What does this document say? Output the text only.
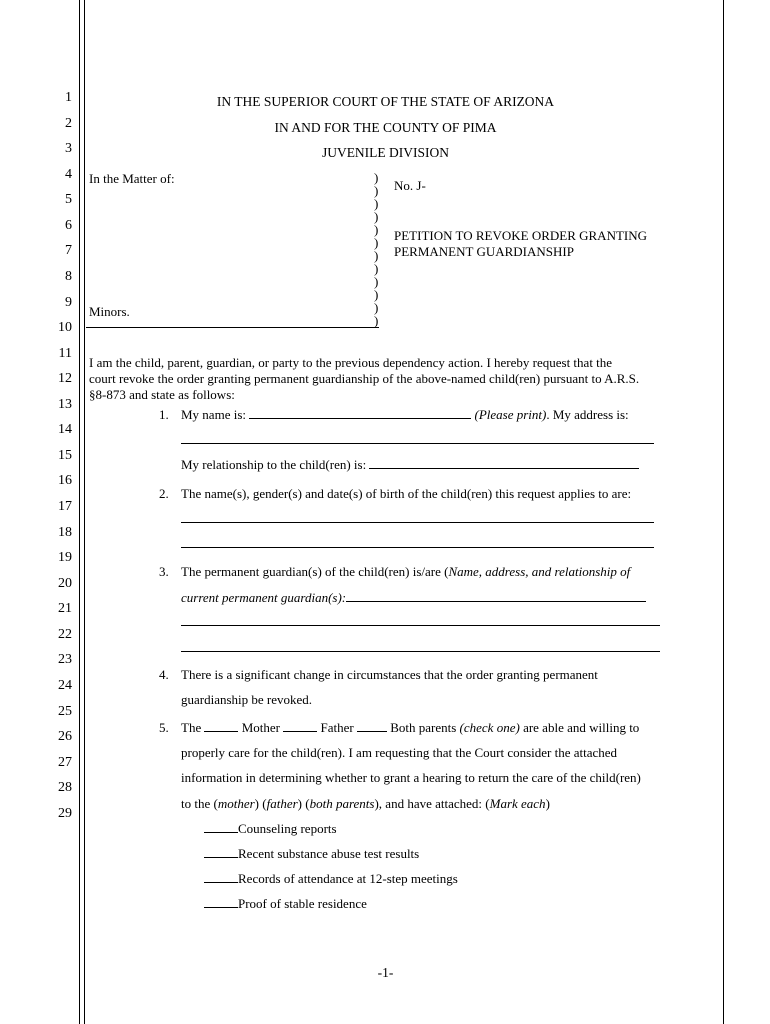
1
2
3
4
5
6
7
8
9
10
11
12
13
14
15
16
17
18
19
20
21
22
23
24
25
26
27
28
29
IN THE SUPERIOR COURT OF THE STATE OF ARIZONA
IN AND FOR THE COUNTY OF PIMA
JUVENILE DIVISION
In the Matter of:
Minors.
)
)
)
)
)
)
)
)
)
)
)
)
No. J-
PETITION TO REVOKE ORDER GRANTING
PERMANENT GUARDIANSHIP
I am the child, parent, guardian, or party to the previous dependency action. I hereby request that the
court revoke the order granting permanent guardianship of the above-named child(ren) pursuant to A.R.S.
§8-873 and state as follows:
1. My name is:	(Please print). My address is:
My relationship to the child(ren) is:
2. The name(s), gender(s) and date(s) of birth of the child(ren) this request applies to are:
3. The permanent guardian(s) of the child(ren) is/are (Name, address, and relationship of
current permanent guardian(s):
4. There is a significant change in circumstances that the order granting permanent
guardianship be revoked.
5. The	Mother	Father	Both parents (check one) are able and willing to
properly care for the child(ren). I am requesting that the Court consider the attached
information in determining whether to grant a hearing to return the care of the child(ren)
to the (mother) (father) (both parents), and have attached: (Mark each)
Counseling reports
Recent substance abuse test results
Records of attendance at 12-step meetings
Proof of stable residence
-1-
